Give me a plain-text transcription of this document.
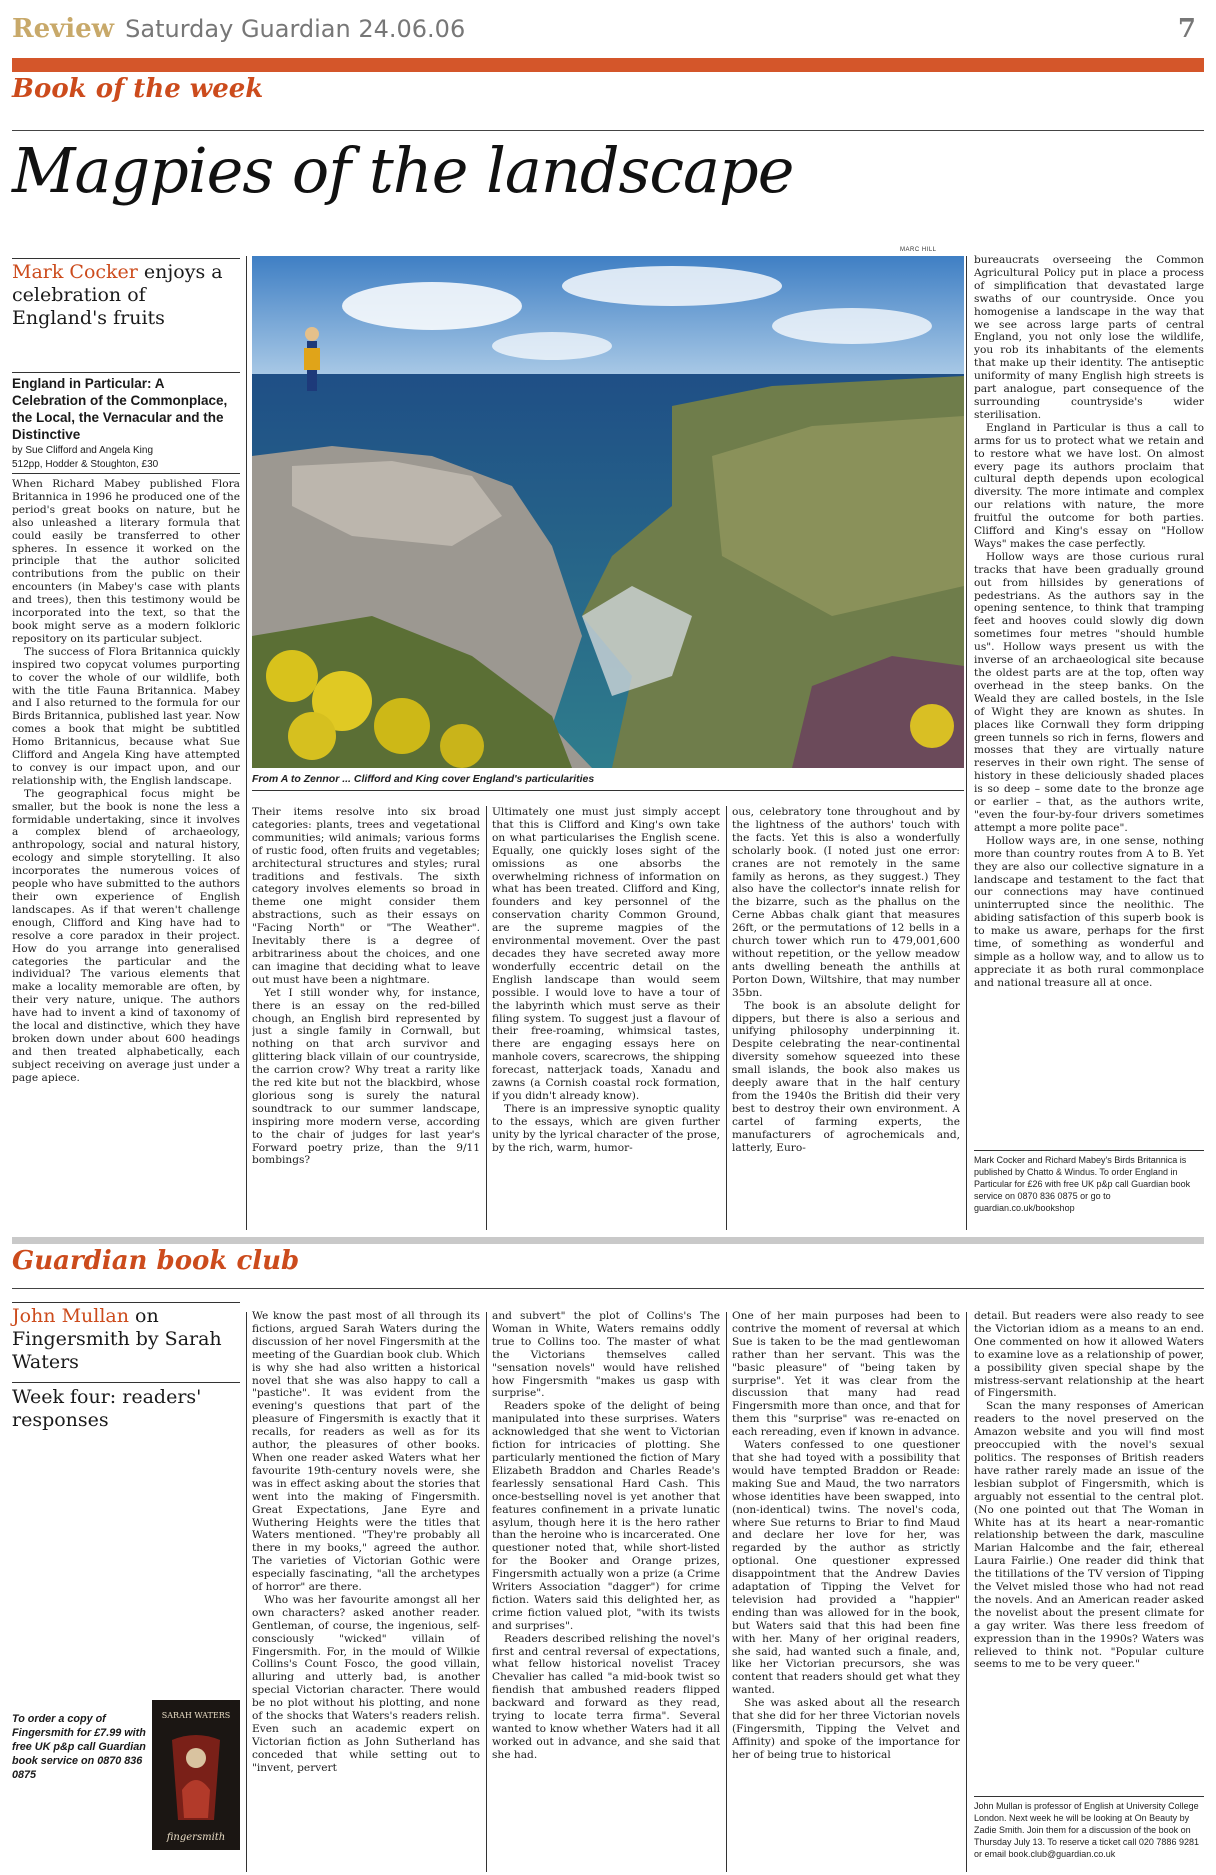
Review Saturday Guardian 24.06.06	7
Book of the week
Magpies of the landscape
Mark Cocker enjoys a celebration of England's fruits
England in Particular: A Celebration of the Commonplace, the Local, the Vernacular and the Distinctive
by Sue Clifford and Angela King
512pp, Hodder & Stoughton, £30

When Richard Mabey published Flora Britannica in 1996 he produced one of the period's great books on nature, but he also unleashed a literary formula that could easily be transferred to other spheres. In essence it worked on the principle that the author solicited contributions from the public on their encounters (in Mabey's case with plants and trees), then this testimony would be incorporated into the text, so that the book might serve as a modern folkloric repository on its particular subject.

The success of Flora Britannica quickly inspired two copycat volumes purporting to cover the whole of our wildlife, both with the title Fauna Britannica. Mabey and I also returned to the formula for our Birds Britannica, published last year. Now comes a book that might be subtitled Homo Britannicus, because what Sue Clifford and Angela King have attempted to convey is our impact upon, and our relationship with, the English landscape.

The geographical focus might be smaller, but the book is none the less a formidable undertaking, since it involves a complex blend of archaeology, anthropology, social and natural history, ecology and simple storytelling. It also incorporates the numerous voices of people who have submitted to the authors their own experience of English landscapes. As if that weren't challenge enough, Clifford and King have had to resolve a core paradox in their project. How do you arrange into generalised categories the particular and the individual? The various elements that make a locality memorable are often, by their very nature, unique. The authors have had to invent a kind of taxonomy of the local and distinctive, which they have broken down under about 600 headings and then treated alphabetically, each subject receiving on average just under a page apiece.

MARC HILL
From A to Zennor ... Clifford and King cover England's particularities

Their items resolve into six broad categories: plants, trees and vegetational communities; wild animals; various forms of rustic food, often fruits and vegetables; architectural structures and styles; rural traditions and festivals. The sixth category involves elements so broad in theme one might consider them abstractions, such as their essays on "Facing North" or "The Weather". Inevitably there is a degree of arbitrariness about the choices, and one can imagine that deciding what to leave out must have been a nightmare.

Yet I still wonder why, for instance, there is an essay on the red-billed chough, an English bird represented by just a single family in Cornwall, but nothing on that arch survivor and glittering black villain of our countryside, the carrion crow? Why treat a rarity like the red kite but not the blackbird, whose glorious song is surely the natural soundtrack to our summer landscape, inspiring more modern verse, according to the chair of judges for last year's Forward poetry prize, than the 9/11 bombings?

Ultimately one must just simply accept that this is Clifford and King's own take on what particularises the English scene. Equally, one quickly loses sight of the omissions as one absorbs the overwhelming richness of information on what has been treated. Clifford and King, founders and key personnel of the conservation charity Common Ground, are the supreme magpies of the environmental movement. Over the past decades they have secreted away more wonderfully eccentric detail on the English landscape than would seem possible. I would love to have a tour of the labyrinth which must serve as their filing system. To suggest just a flavour of their free-roaming, whimsical tastes, there are engaging essays here on manhole covers, scarecrows, the shipping forecast, natterjack toads, Xanadu and zawns (a Cornish coastal rock formation, if you didn't already know).

There is an impressive synoptic quality to the essays, which are given further unity by the lyrical character of the prose, by the rich, warm, humor-

ous, celebratory tone throughout and by the lightness of the authors' touch with the facts. Yet this is also a wonderfully scholarly book. (I noted just one error: cranes are not remotely in the same family as herons, as they suggest.) They also have the collector's innate relish for the bizarre, such as the phallus on the Cerne Abbas chalk giant that measures 26ft, or the permutations of 12 bells in a church tower which run to 479,001,600 without repetition, or the yellow meadow ants dwelling beneath the anthills at Porton Down, Wiltshire, that may number 35bn.

The book is an absolute delight for dippers, but there is also a serious and unifying philosophy underpinning it. Despite celebrating the near-continental diversity somehow squeezed into these small islands, the book also makes us deeply aware that in the half century from the 1940s the British did their very best to destroy their own environment. A cartel of farming experts, the manufacturers of agrochemicals and, latterly, Euro-

bureaucrats overseeing the Common Agricultural Policy put in place a process of simplification that devastated large swaths of our countryside. Once you homogenise a landscape in the way that we see across large parts of central England, you not only lose the wildlife, you rob its inhabitants of the elements that make up their identity. The antiseptic uniformity of many English high streets is part analogue, part consequence of the surrounding countryside's wider sterilisation.

England in Particular is thus a call to arms for us to protect what we retain and to restore what we have lost. On almost every page its authors proclaim that cultural depth depends upon ecological diversity. The more intimate and complex our relations with nature, the more fruitful the outcome for both parties. Clifford and King's essay on "Hollow Ways" makes the case perfectly.

Hollow ways are those curious rural tracks that have been gradually ground out from hillsides by generations of pedestrians. As the authors say in the opening sentence, to think that tramping feet and hooves could slowly dig down sometimes four metres "should humble us". Hollow ways present us with the inverse of an archaeological site because the oldest parts are at the top, often way overhead in the steep banks. On the Weald they are called bostels, in the Isle of Wight they are known as shutes. In places like Cornwall they form dripping green tunnels so rich in ferns, flowers and mosses that they are virtually nature reserves in their own right. The sense of history in these deliciously shaded places is so deep – some date to the bronze age or earlier – that, as the authors write, "even the four-by-four drivers sometimes attempt a more polite pace".

Hollow ways are, in one sense, nothing more than country routes from A to B. Yet they are also our collective signature in a landscape and testament to the fact that our connections may have continued uninterrupted since the neolithic. The abiding satisfaction of this superb book is to make us aware, perhaps for the first time, of something as wonderful and simple as a hollow way, and to allow us to appreciate it as both rural commonplace and national treasure all at once.

Mark Cocker and Richard Mabey's Birds Britannica is published by Chatto & Windus. To order England in Particular for £26 with free UK p&p call Guardian book service on 0870 836 0875 or go to guardian.co.uk/bookshop
Guardian book club
John Mullan on Fingersmith by Sarah Waters
Week four: readers' responses
To order a copy of Fingersmith for £7.99 with free UK p&p call Guardian book service on 0870 836 0875
SARAH WATERS
fingersmith

We know the past most of all through its fictions, argued Sarah Waters during the discussion of her novel Fingersmith at the meeting of the Guardian book club. Which is why she had also written a historical novel that she was also happy to call a "pastiche". It was evident from the evening's questions that part of the pleasure of Fingersmith is exactly that it recalls, for readers as well as for its author, the pleasures of other books. When one reader asked Waters what her favourite 19th-century novels were, she was in effect asking about the stories that went into the making of Fingersmith. Great Expectations, Jane Eyre and Wuthering Heights were the titles that Waters mentioned. "They're probably all there in my books," agreed the author. The varieties of Victorian Gothic were especially fascinating, "all the archetypes of horror" are there.

Who was her favourite amongst all her own characters? asked another reader. Gentleman, of course, the ingenious, self-consciously "wicked" villain of Fingersmith. For, in the mould of Wilkie Collins's Count Fosco, the good villain, alluring and utterly bad, is another special Victorian character. There would be no plot without his plotting, and none of the shocks that Waters's readers relish. Even such an academic expert on Victorian fiction as John Sutherland has conceded that while setting out to "invent, pervert

and subvert" the plot of Collins's The Woman in White, Waters remains oddly true to Collins too. The master of what the Victorians themselves called "sensation novels" would have relished how Fingersmith "makes us gasp with surprise".

Readers spoke of the delight of being manipulated into these surprises. Waters acknowledged that she went to Victorian fiction for intricacies of plotting. She particularly mentioned the fiction of Mary Elizabeth Braddon and Charles Reade's fearlessly sensational Hard Cash. This once-bestselling novel is yet another that features confinement in a private lunatic asylum, though here it is the hero rather than the heroine who is incarcerated. One questioner noted that, while short-listed for the Booker and Orange prizes, Fingersmith actually won a prize (a Crime Writers Association "dagger") for crime fiction. Waters said this delighted her, as crime fiction valued plot, "with its twists and surprises".

Readers described relishing the novel's first and central reversal of expectations, what fellow historical novelist Tracey Chevalier has called "a mid-book twist so fiendish that ambushed readers flipped backward and forward as they read, trying to locate terra firma". Several wanted to know whether Waters had it all worked out in advance, and she said that she had.

One of her main purposes had been to contrive the moment of reversal at which Sue is taken to be the mad gentlewoman rather than her servant. This was the "basic pleasure" of "being taken by surprise". Yet it was clear from the discussion that many had read Fingersmith more than once, and that for them this "surprise" was re-enacted on each rereading, even if known in advance.

Waters confessed to one questioner that she had toyed with a possibility that would have tempted Braddon or Reade: making Sue and Maud, the two narrators whose identities have been swapped, into (non-identical) twins. The novel's coda, where Sue returns to Briar to find Maud and declare her love for her, was regarded by the author as strictly optional. One questioner expressed disappointment that the Andrew Davies adaptation of Tipping the Velvet for television had provided a "happier" ending than was allowed for in the book, but Waters said that this had been fine with her. Many of her original readers, she said, had wanted such a finale, and, like her Victorian precursors, she was content that readers should get what they wanted.

She was asked about all the research that she did for her three Victorian novels (Fingersmith, Tipping the Velvet and Affinity) and spoke of the importance for her of being true to historical

detail. But readers were also ready to see the Victorian idiom as a means to an end. One commented on how it allowed Waters to examine love as a relationship of power, a possibility given special shape by the mistress-servant relationship at the heart of Fingersmith.

Scan the many responses of American readers to the novel preserved on the Amazon website and you will find most preoccupied with the novel's sexual politics. The responses of British readers have rather rarely made an issue of the lesbian subplot of Fingersmith, which is arguably not essential to the central plot. (No one pointed out that The Woman in White has at its heart a near-romantic relationship between the dark, masculine Marian Halcombe and the fair, ethereal Laura Fairlie.) One reader did think that the titillations of the TV version of Tipping the Velvet misled those who had not read the novels. And an American reader asked the novelist about the present climate for a gay writer. Was there less freedom of expression than in the 1990s? Waters was relieved to think not. "Popular culture seems to me to be very queer."

John Mullan is professor of English at University College London. Next week he will be looking at On Beauty by Zadie Smith. Join them for a discussion of the book on Thursday July 13. To reserve a ticket call 020 7886 9281 or email book.club@guardian.co.uk
